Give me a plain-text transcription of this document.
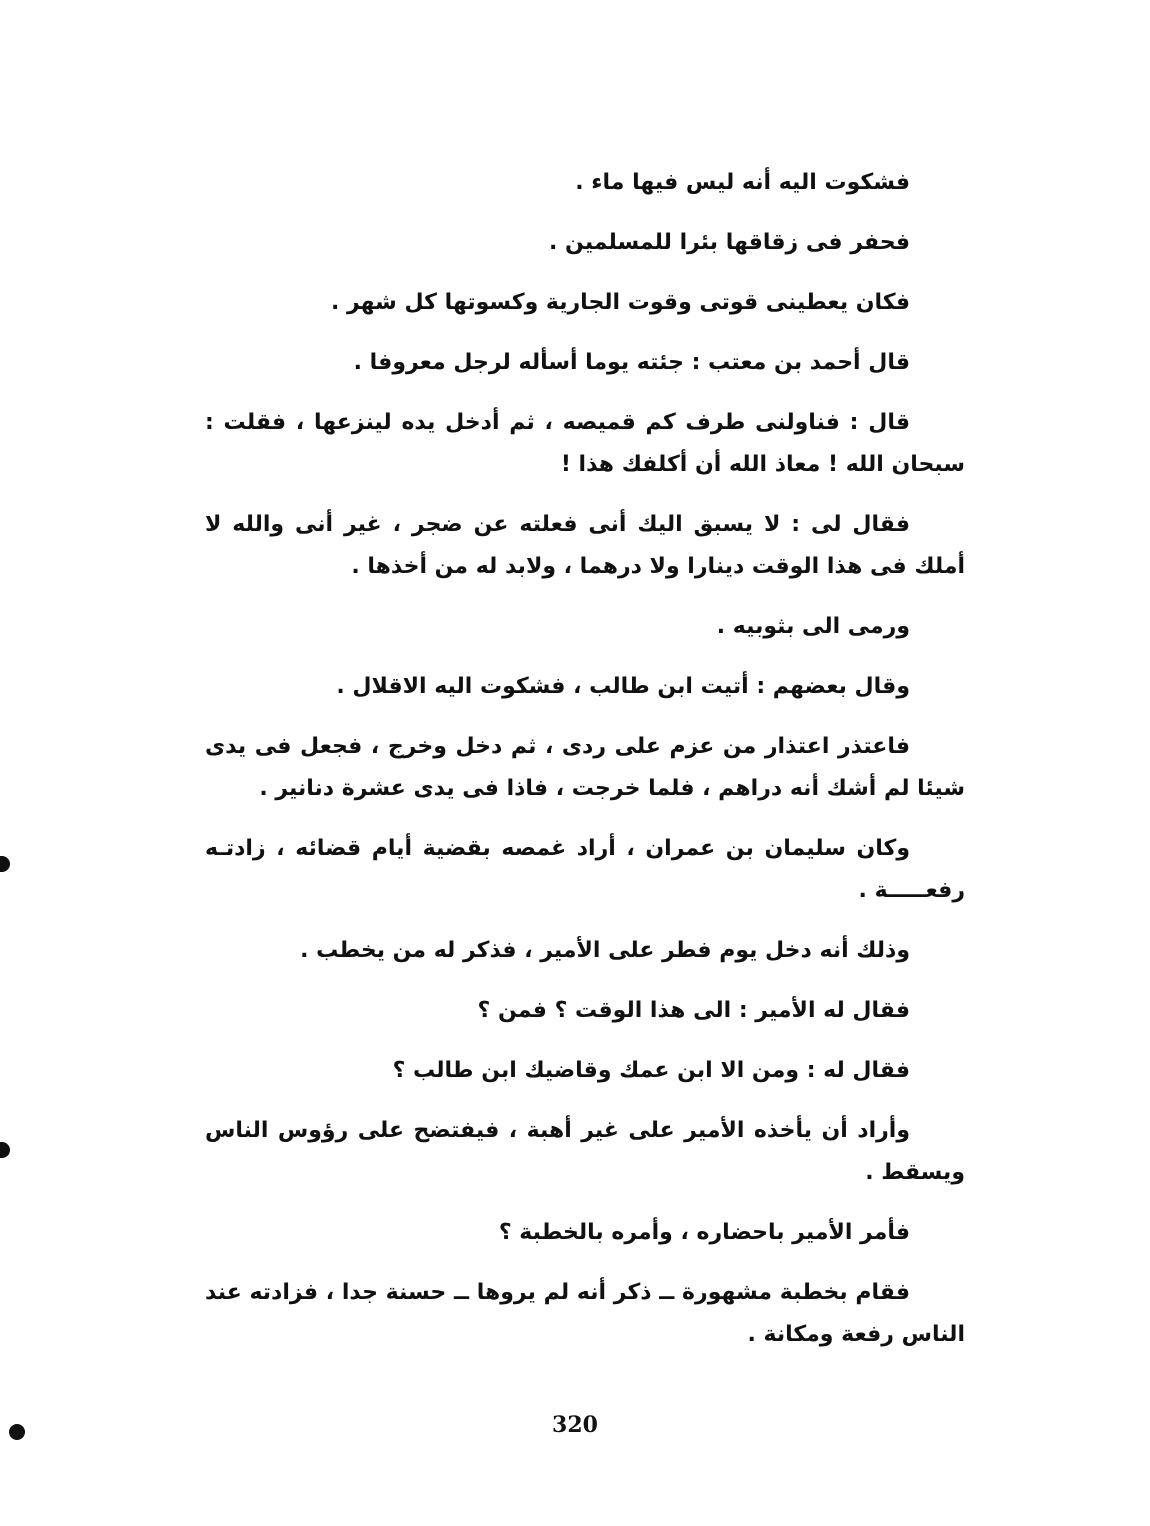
فشكوت اليه أنه ليس فيها ماء .

فحفر فى زقاقها بئرا للمسلمين .

فكان يعطينى قوتى وقوت الجارية وكسوتها كل شهر .

قال أحمد بن معتب : جئته يوما أسأله لرجل معروفا .

قال : فناولنى طرف كم قميصه ، ثم أدخل يده لينزعها ، فقلت : سبحان الله ! معاذ الله أن أكلفك هذا !

فقال لى : لا يسبق اليك أنى فعلته عن ضجر ، غير أنى والله لا أملك فى هذا الوقت دينارا ولا درهما ، ولابد له من أخذها .

ورمى الى بثوبيه .

وقال بعضهم : أتيت ابن طالب ، فشكوت اليه الاقلال .

فاعتذر اعتذار من عزم على ردى ، ثم دخل وخرج ، فجعل فى يدى شيئا لم أشك أنه دراهم ، فلما خرجت ، فاذا فى يدى عشرة دنانير .

وكان سليمان بن عمران ، أراد غمصه بقضية أيام قضائه ، زادتـه رفعـــــة .

وذلك أنه دخل يوم فطر على الأمير ، فذكر له من يخطب .

فقال له الأمير : الى هذا الوقت ؟ فمن ؟

فقال له : ومن الا ابن عمك وقاضيك ابن طالب ؟

وأراد أن يأخذه الأمير على غير أهبة ، فيفتضح على رؤوس الناس ويسقط .

فأمر الأمير باحضاره ، وأمره بالخطبة ؟

فقام بخطبة مشهورة ــ ذكر أنه لم يروها ــ حسنة جدا ، فزادته عند الناس رفعة ومكانة .

320
